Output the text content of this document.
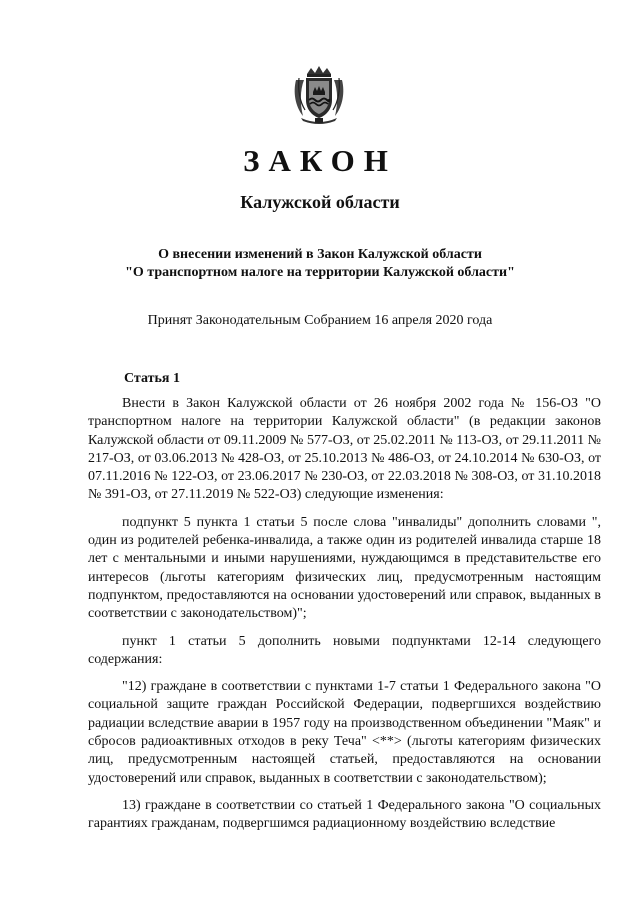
ЗАКОН
Калужской области
О внесении изменений в Закон Калужской области
"О транспортном налоге на территории Калужской области"
Принят Законодательным Собранием 16 апреля 2020 года
Статья 1

Внести в Закон Калужской области от 26 ноября 2002 года № 156-ОЗ "О транспортном налоге на территории Калужской области" (в редакции законов Калужской области от 09.11.2009 № 577-ОЗ, от 25.02.2011 № 113-ОЗ, от 29.11.2011 № 217-ОЗ, от 03.06.2013 № 428-ОЗ, от 25.10.2013 № 486-ОЗ, от 24.10.2014 № 630-ОЗ, от 07.11.2016 № 122-ОЗ, от 23.06.2017 № 230-ОЗ, от 22.03.2018 № 308-ОЗ, от 31.10.2018 № 391-ОЗ, от 27.11.2019 № 522-ОЗ) следующие изменения:

подпункт 5 пункта 1 статьи 5 после слова "инвалиды" дополнить словами ", один из родителей ребенка-инвалида, а также один из родителей инвалида старше 18 лет с ментальными и иными нарушениями, нуждающимся в представительстве его интересов (льготы категориям физических лиц, предусмотренным настоящим подпунктом, предоставляются на основании удостоверений или справок, выданных в соответствии с законодательством)";

пункт 1 статьи 5 дополнить новыми подпунктами 12-14 следующего содержания:

"12) граждане в соответствии с пунктами 1-7 статьи 1 Федерального закона "О социальной защите граждан Российской Федерации, подвергшихся воздействию радиации вследствие аварии в 1957 году на производственном объединении "Маяк" и сбросов радиоактивных отходов в реку Теча" <**> (льготы категориям физических лиц, предусмотренным настоящей статьей, предоставляются на основании удостоверений или справок, выданных в соответствии с законодательством);

13) граждане в соответствии со статьей 1 Федерального закона "О социальных гарантиях гражданам, подвергшимся радиационному воздействию вследствие
